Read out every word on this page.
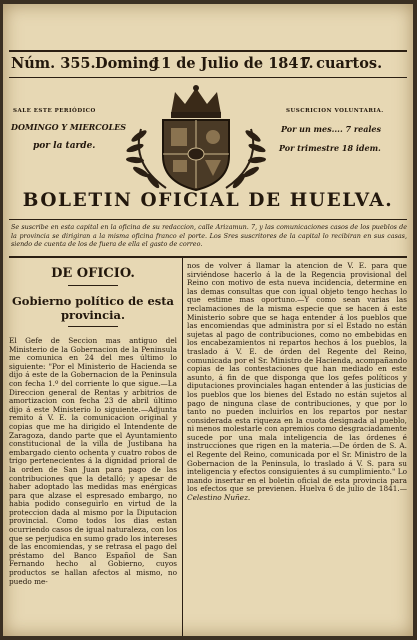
Núm. 355. Doming
11 de Julio de 1841.
7 cuartos.
SALE ESTE PERIÓDICO
DOMINGO Y MIERCOLES
por la tarde.
SUSCRICION VOLUNTARIA.
Por un mes.... 7 reales
Por trimestre 18 idem.
BOLETIN OFICIAL DE HUELVA.
Se suscribe en esta capital en la oficina de su redaccion, calle Arizamun. 7, y las comunicaciones casos de los pueblos de la provincia se dirigiran a la misma oficina franco el porte. Los Sres suscritores de la capital lo recibiran en sus casas, siendo de cuenta de los de fuera de ella el gasto de correo.
DE OFICIO.
Gobierno político de esta provincia.
El Gefe de Seccion mas antiguo del Ministerio de la Gobernacion de la Peninsula me comunica en 24 del mes último lo siguiente: "Por el Ministerio de Hacienda se dijo á este de la Gobernacion de la Peninsula con fecha 1.º del corriente lo que sigue.—La Direccion general de Rentas y arbitrios de amortizacion con fecha 23 de abril último dijo á este Ministerio lo siguiente.—Adjunta remito á V. E. la comunicacion original y copias que me ha dirigido el Intendente de Zaragoza, dando parte que el Ayuntamiento constitucional de la villa de Justibana ha embargado ciento ochenta y cuatro robos de trigo pertenecientes á la dignidad prioral de la orden de San Juan para pago de las contribuciones que la detalló; y apesar de haber adoptado las medidas mas enérgicas para que alzase el espresado embargo, no habia podido conseguirlo en virtud de la proteccion dada al mismo por la Diputacion provincial. Como todos los dias estan ocurriendo casos de igual naturaleza, con los que se perjudica en sumo grado los intereses de las encomiendas, y se retrasa el pago del préstamo del Banco Español de San Fernando hecho al Gobierno, cuyos productos se hallan afectos al mismo, no puedo me-
nos de volver á llamar la atencion de V. E. para que sirviéndose hacerlo á la de la Regencia provisional del Reino con motivo de esta nueva incidencia, determine en las demas consultas que con igual objeto tengo hechas lo que estime mas oportuno.—Y como sean varias las reclamaciones de la misma especie que se hacen á este Ministerio sobre que se haga entender á los pueblos que las encomiendas que administra por sí el Estado no están sujetas al pago de contribuciones, como no embebidas en los encabezamientos ni repartos hechos á los pueblos, la traslado á V. E. de órden del Regente del Reino, comunicada por el Sr. Ministro de Hacienda, acompañando copias de las contestaciones que han mediado en este asunto, á fin de que disponga que los gefes políticos y diputaciones provinciales hagan entender á las justicias de los pueblos que los bienes del Estado no están sujetos al pago de ninguna clase de contribuciones, y que por lo tanto no pueden incluirlos en los repartos por nestar considerada esta riqueza en la cuota designada al pueblo, ni menos molestarle con apremios como desgraciadamente sucede por una mala inteligencia de las órdenes é instrucciones que rigen en la materia.—De órden de S. A. el Regente del Reino, comunicada por el Sr. Ministro de la Gobernacion de la Peninsula, lo traslado á V. S. para su inteligencia y efectos consiguientes á su cumplimiento." Lo mando insertar en el boletin oficial de esta provincia para los efectos que se previenen. Huelva 6 de julio de 1841.— Celestino Nuñez.
